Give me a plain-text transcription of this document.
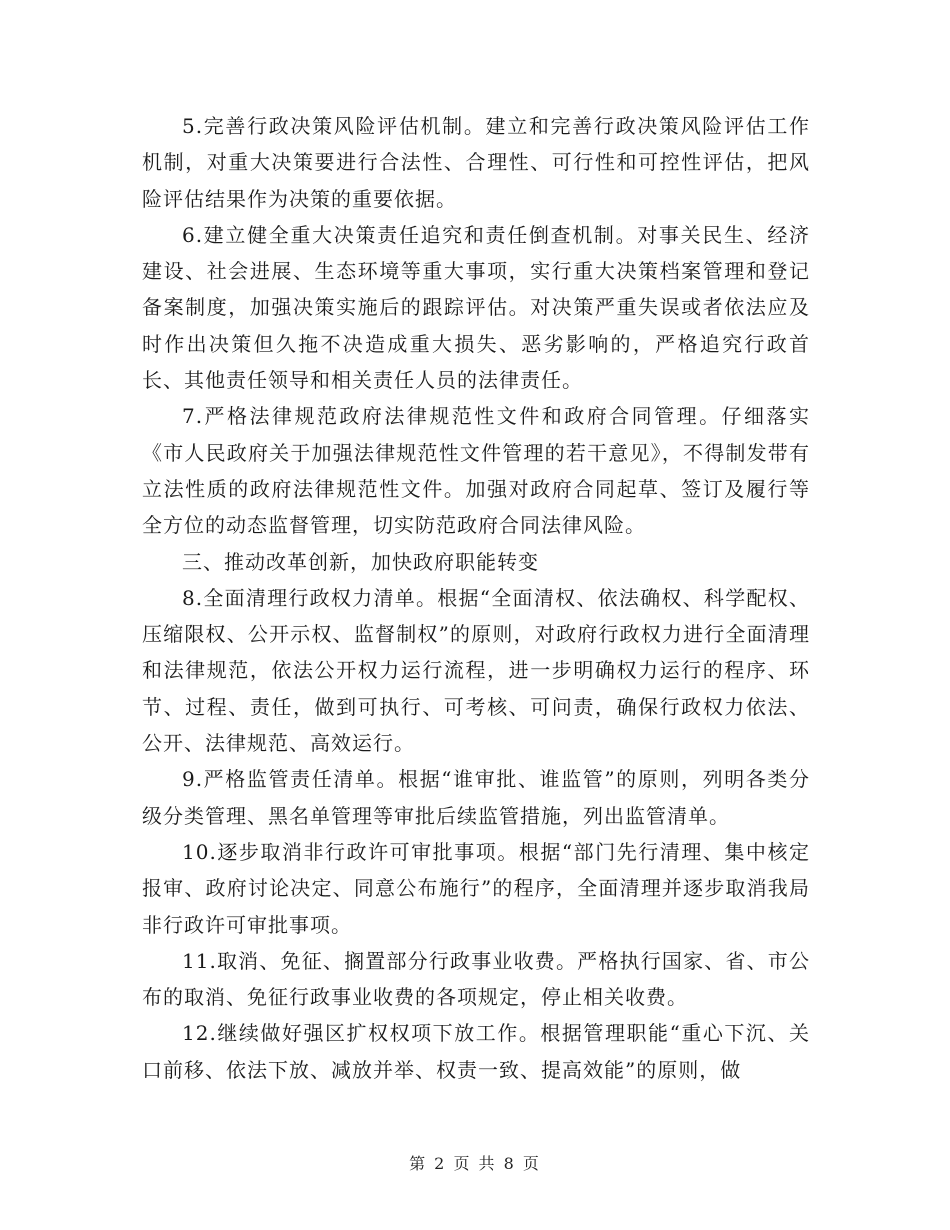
5.完善行政决策风险评估机制。建立和完善行政决策风险评估工作机制，对重大决策要进行合法性、合理性、可行性和可控性评估，把风险评估结果作为决策的重要依据。

6.建立健全重大决策责任追究和责任倒查机制。对事关民生、经济建设、社会进展、生态环境等重大事项，实行重大决策档案管理和登记备案制度，加强决策实施后的跟踪评估。对决策严重失误或者依法应及时作出决策但久拖不决造成重大损失、恶劣影响的，严格追究行政首长、其他责任领导和相关责任人员的法律责任。

7.严格法律规范政府法律规范性文件和政府合同管理。仔细落实《市人民政府关于加强法律规范性文件管理的若干意见》，不得制发带有立法性质的政府法律规范性文件。加强对政府合同起草、签订及履行等全方位的动态监督管理，切实防范政府合同法律风险。

三、推动改革创新，加快政府职能转变

8.全面清理行政权力清单。根据“全面清权、依法确权、科学配权、压缩限权、公开示权、监督制权”的原则，对政府行政权力进行全面清理和法律规范，依法公开权力运行流程，进一步明确权力运行的程序、环节、过程、责任，做到可执行、可考核、可问责，确保行政权力依法、公开、法律规范、高效运行。

9.严格监管责任清单。根据“谁审批、谁监管”的原则，列明各类分级分类管理、黑名单管理等审批后续监管措施，列出监管清单。

10.逐步取消非行政许可审批事项。根据“部门先行清理、集中核定报审、政府讨论决定、同意公布施行”的程序，全面清理并逐步取消我局非行政许可审批事项。

11.取消、免征、搁置部分行政事业收费。严格执行国家、省、市公布的取消、免征行政事业收费的各项规定，停止相关收费。

12.继续做好强区扩权权项下放工作。根据管理职能“重心下沉、关口前移、依法下放、减放并举、权责一致、提高效能”的原则，做

第 2 页 共 8 页
